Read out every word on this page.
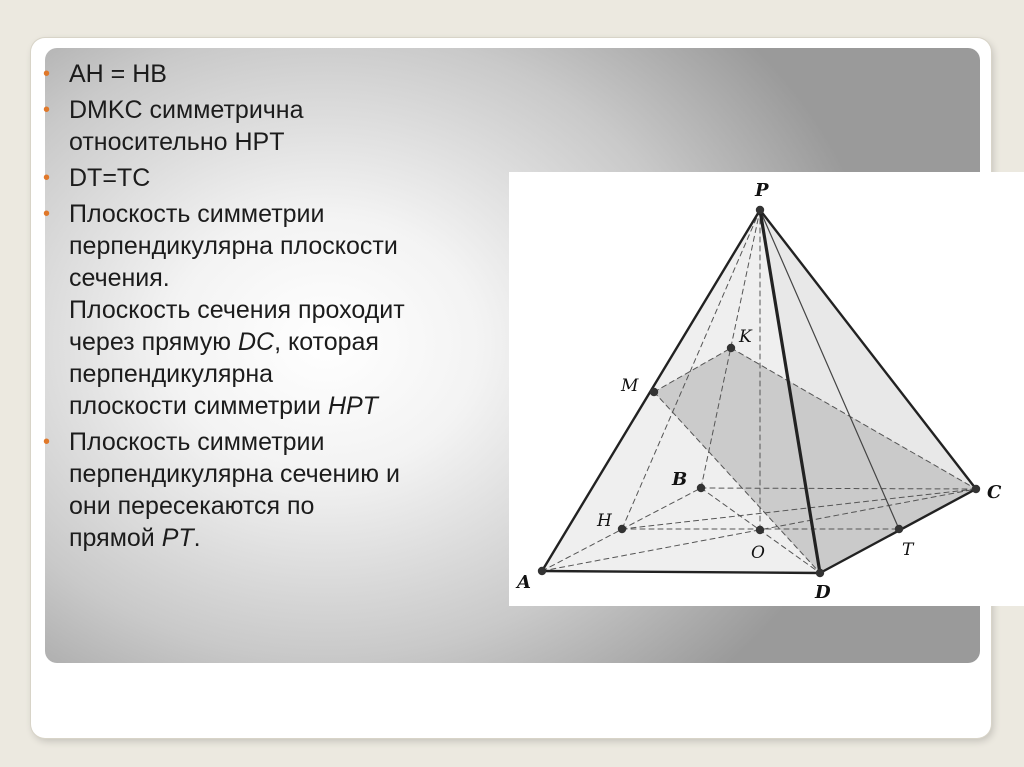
• AH = HB
• DMKC симметрична
относительно HPT
• DT=TC
• Плоскость симметрии
перпендикулярна плоскости
сечения.
Плоскость сечения проходит
через прямую DC, которая
перпендикулярна
плоскости симметрии HPT
• Плоскость симметрии
перпендикулярна сечению и
они пересекаются по
прямой PT.
P
A	D
C
B
M
K
H
O	T
